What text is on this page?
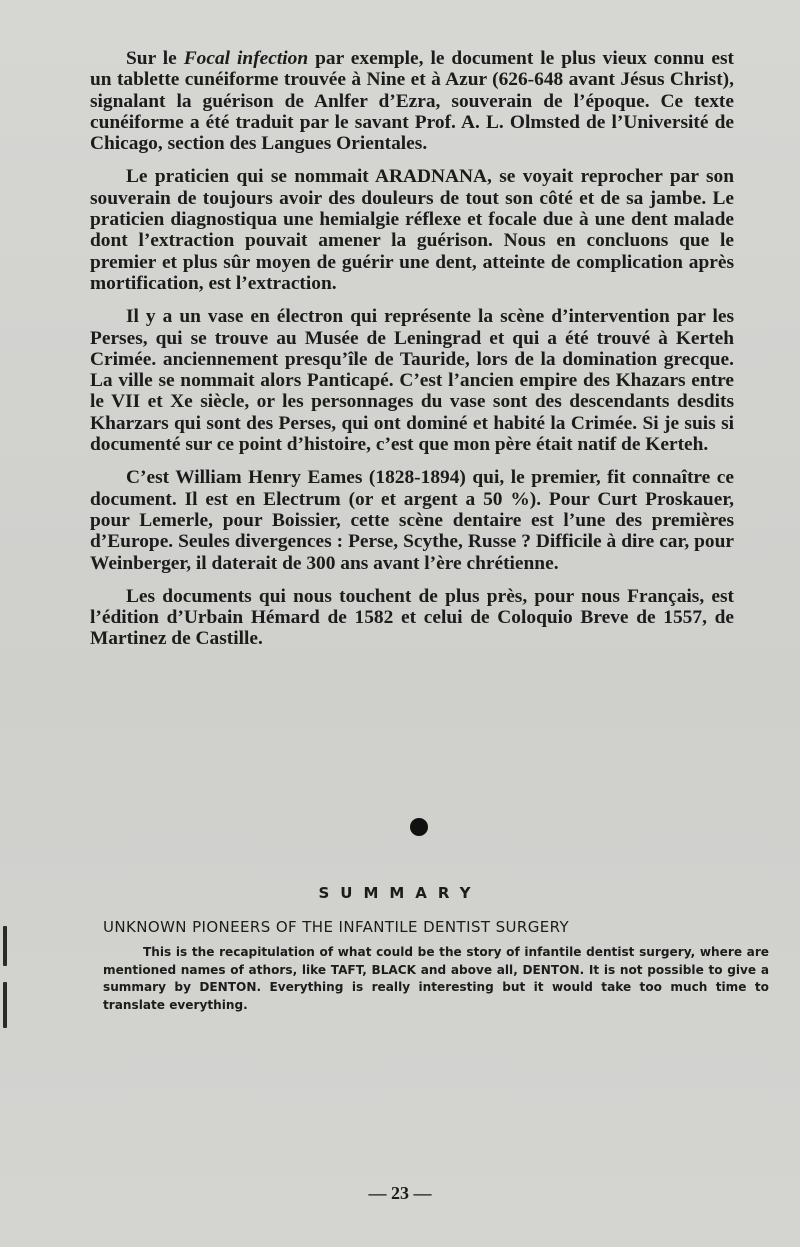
Sur le Focal infection par exemple, le document le plus vieux connu est un tablette cunéiforme trouvée à Nine et à Azur (626-648 avant Jésus Christ), signalant la guérison de Anlfer d’Ezra, souverain de l’époque. Ce texte cunéiforme a été traduit par le savant Prof. A. L. Olmsted de l’Université de Chicago, section des Langues Orientales.

Le praticien qui se nommait ARADNANA, se voyait reprocher par son souverain de toujours avoir des douleurs de tout son côté et de sa jambe. Le praticien diagnostiqua une hemialgie réflexe et focale due à une dent malade dont l’extraction pouvait amener la guérison. Nous en concluons que le premier et plus sûr moyen de guérir une dent, atteinte de complication après mortification, est l’extraction.

Il y a un vase en électron qui représente la scène d’intervention par les Perses, qui se trouve au Musée de Leningrad et qui a été trouvé à Kerteh Crimée. anciennement presqu’île de Tauride, lors de la domination grecque. La ville se nommait alors Panticapé. C’est l’ancien empire des Khazars entre le VII et Xe siècle, or les personnages du vase sont des descendants desdits Kharzars qui sont des Perses, qui ont dominé et habité la Crimée. Si je suis si documenté sur ce point d’histoire, c’est que mon père était natif de Kerteh.

C’est William Henry Eames (1828-1894) qui, le premier, fit connaître ce document. Il est en Electrum (or et argent a 50 %). Pour Curt Proskauer, pour Lemerle, pour Boissier, cette scène dentaire est l’une des premières d’Europe. Seules divergences : Perse, Scythe, Russe ? Difficile à dire car, pour Weinberger, il daterait de 300 ans avant l’ère chrétienne.

Les documents qui nous touchent de plus près, pour nous Français, est l’édition d’Urbain Hémard de 1582 et celui de Coloquio Breve de 1557, de Martinez de Castille.

SUMMARY
UNKNOWN PIONEERS OF THE INFANTILE DENTIST SURGERY

This is the recapitulation of what could be the story of infantile dentist surgery, where are mentioned names of athors, like TAFT, BLACK and above all, DENTON. It is not possible to give a summary by DENTON. Everything is really interesting but it would take too much time to translate everything.

— 23 —
